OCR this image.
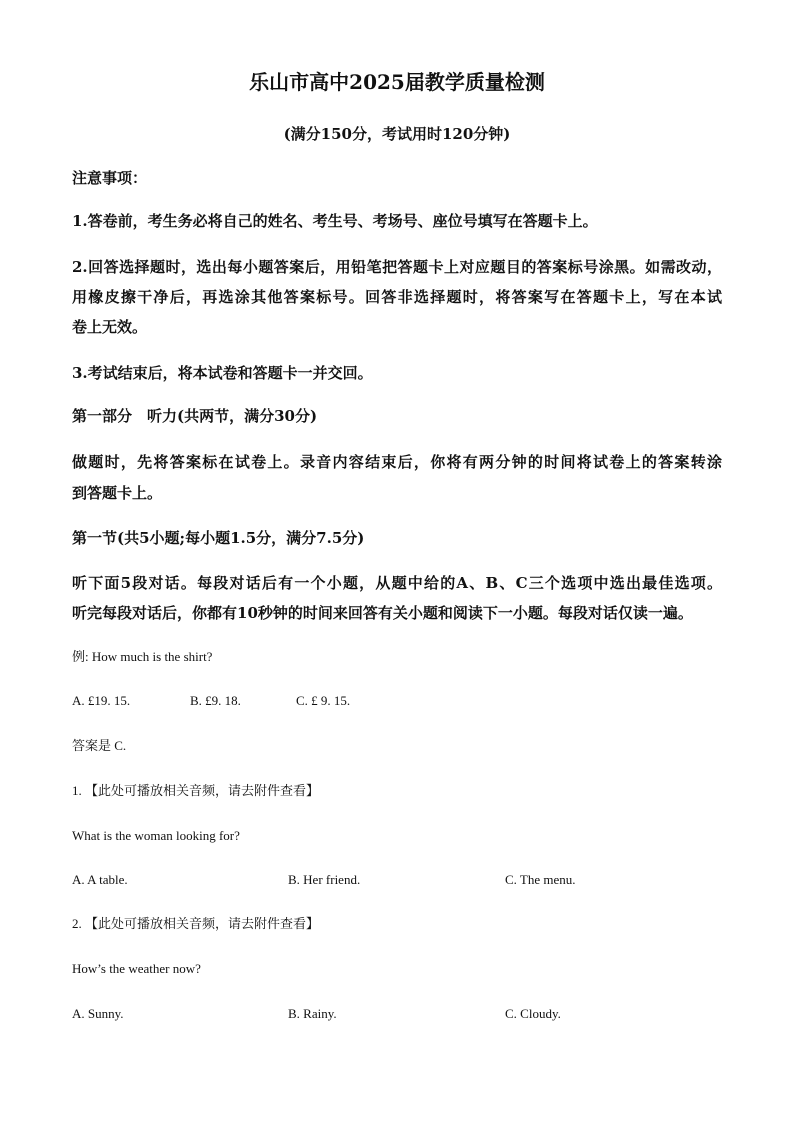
乐山市高中2025届教学质量检测
(满分150分，考试用时120分钟)
注意事项：
1.答卷前，考生务必将自己的姓名、考生号、考场号、座位号填写在答题卡上。
2.回答选择题时，选出每小题答案后，用铅笔把答题卡上对应题目的答案标号涂黑。如需改动，
用橡皮擦干净后，再选涂其他答案标号。回答非选择题时，将答案写在答题卡上，写在本试
卷上无效。
3.考试结束后，将本试卷和答题卡一并交回。
第一部分　听力(共两节，满分30分)
做题时，先将答案标在试卷上。录音内容结束后，你将有两分钟的时间将试卷上的答案转涂
到答题卡上。
第一节(共5小题;每小题1.5分，满分7.5分)
听下面5段对话。每段对话后有一个小题，从题中给的A、B、C三个选项中选出最佳选项。
听完每段对话后，你都有10秒钟的时间来回答有关小题和阅读下一小题。每段对话仅读一遍。
例: How much is the shirt?
A. £19. 15.	B. £9. 18.	C. £ 9. 15.
答案是 C.
1. 【此处可播放相关音频，请去附件查看】
What is the woman looking for?
A. A table.	B. Her friend.	C. The menu.
2. 【此处可播放相关音频，请去附件查看】
How’s the weather now?
A. Sunny.	B. Rainy.	C. Cloudy.
